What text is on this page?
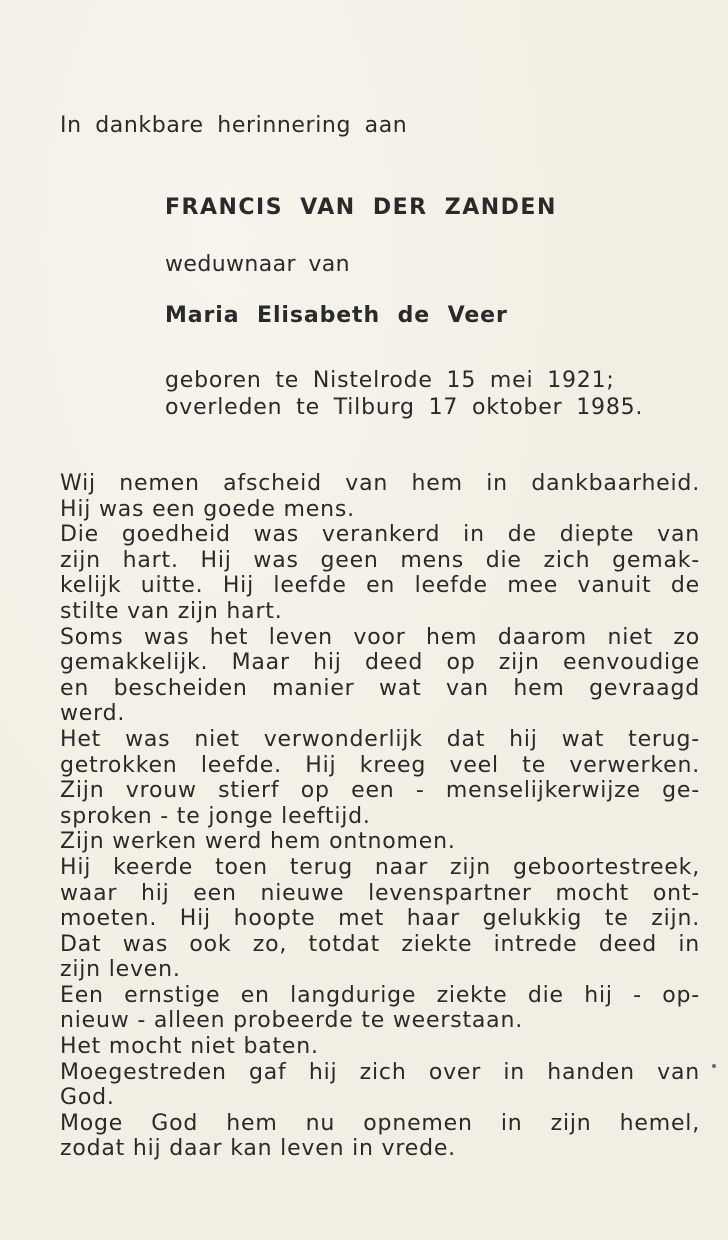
In dankbare herinnering aan
FRANCIS VAN DER ZANDEN
weduwnaar van
Maria Elisabeth de Veer
geboren te Nistelrode 15 mei 1921;
overleden te Tilburg 17 oktober 1985.
Wij nemen afscheid van hem in dankbaarheid.
Hij was een goede mens.
Die goedheid was verankerd in de diepte van
zijn hart. Hij was geen mens die zich gemak-
kelijk uitte. Hij leefde en leefde mee vanuit de
stilte van zijn hart.
Soms was het leven voor hem daarom niet zo
gemakkelijk. Maar hij deed op zijn eenvoudige
en bescheiden manier wat van hem gevraagd
werd.
Het was niet verwonderlijk dat hij wat terug-
getrokken leefde. Hij kreeg veel te verwerken.
Zijn vrouw stierf op een - menselijkerwijze ge-
sproken - te jonge leeftijd.
Zijn werken werd hem ontnomen.
Hij keerde toen terug naar zijn geboortestreek,
waar hij een nieuwe levenspartner mocht ont-
moeten. Hij hoopte met haar gelukkig te zijn.
Dat was ook zo, totdat ziekte intrede deed in
zijn leven.
Een ernstige en langdurige ziekte die hij - op-
nieuw - alleen probeerde te weerstaan.
Het mocht niet baten.
Moegestreden gaf hij zich over in handen van
God.
Moge God hem nu opnemen in zijn hemel,
zodat hij daar kan leven in vrede.
